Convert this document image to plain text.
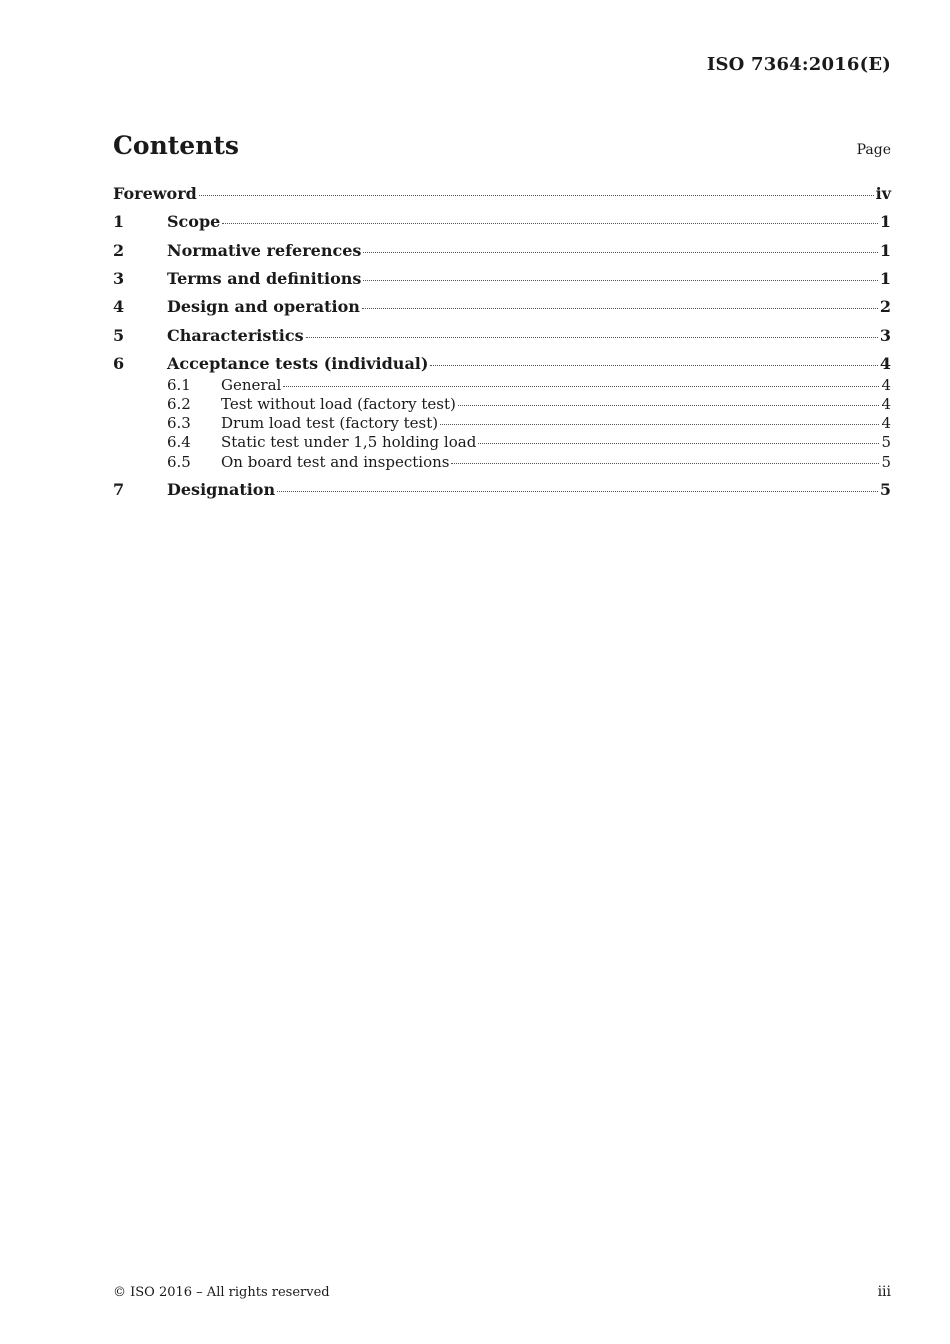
ISO 7364:2016(E)
Contents	Page
Foreword	iv
1	Scope	1
2	Normative references	1
3	Terms and definitions	1
4	Design and operation	2
5	Characteristics	3
6	Acceptance tests (individual)	4
6.1	General	4
6.2	Test without load (factory test)	4
6.3	Drum load test (factory test)	4
6.4	Static test under 1,5 holding load	5
6.5	On board test and inspections	5
7	Designation	5
© ISO 2016 – All rights reserved	iii
